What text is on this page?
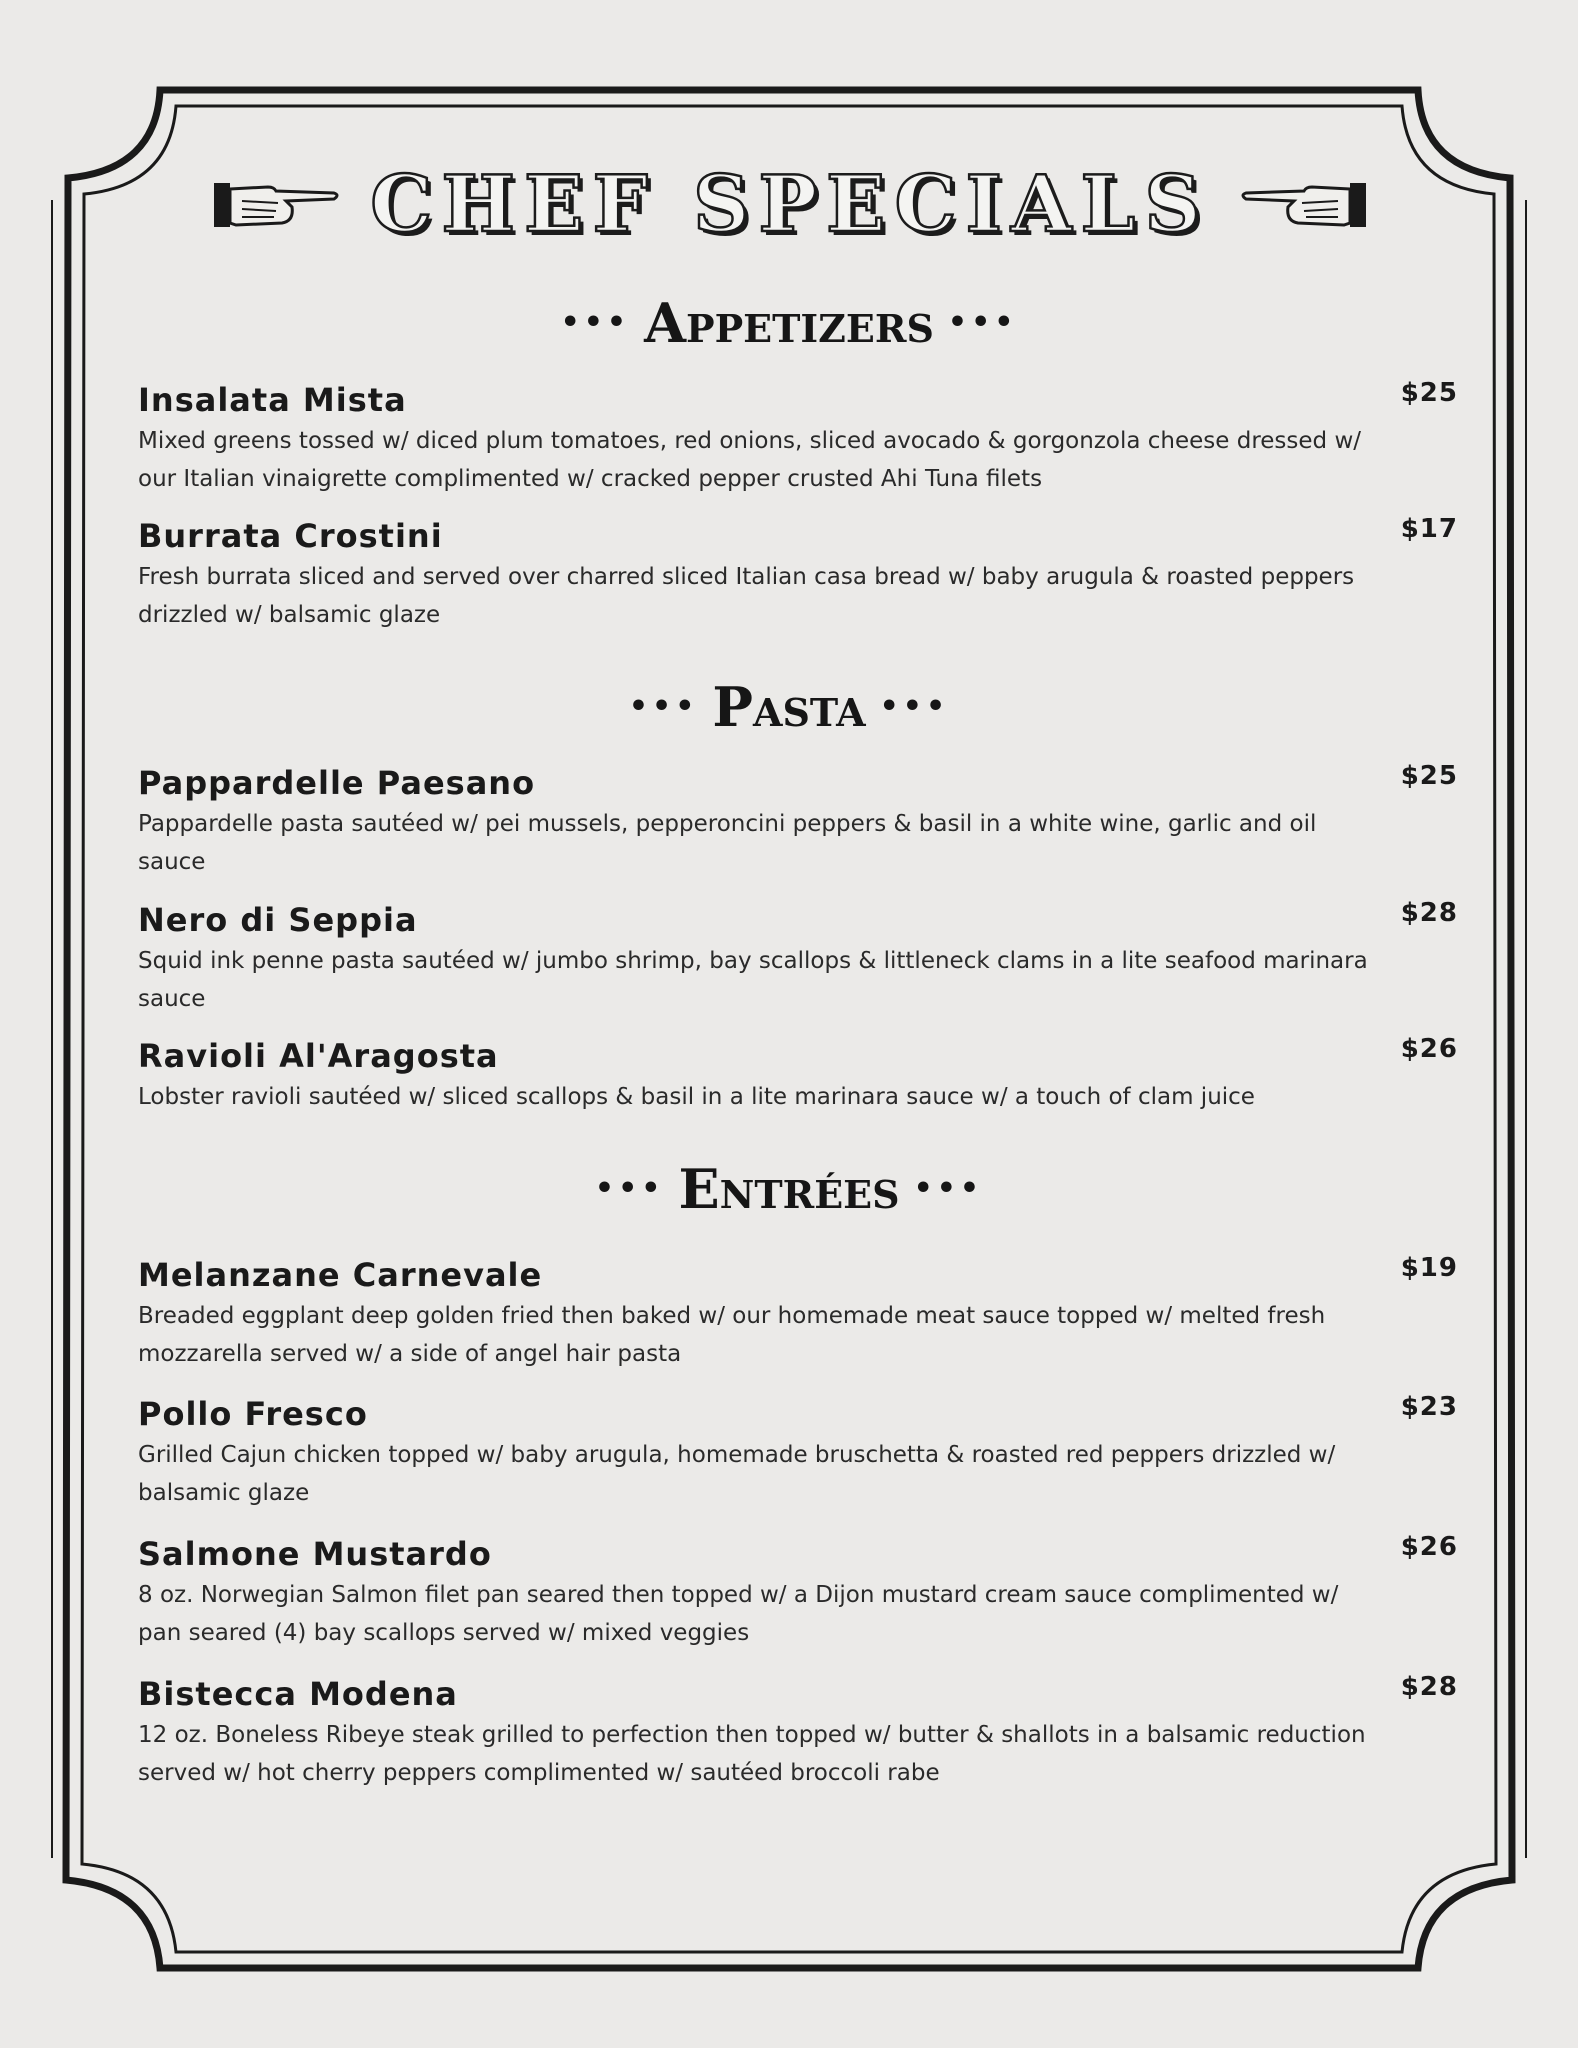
CHEF SPECIALS
••• Appetizers •••
Insalata Mista	$25
Mixed greens tossed w/ diced plum tomatoes, red onions, sliced avocado & gorgonzola cheese dressed w/ our Italian vinaigrette complimented w/ cracked pepper crusted Ahi Tuna filets
Burrata Crostini	$17
Fresh burrata sliced and served over charred sliced Italian casa bread w/ baby arugula & roasted peppers drizzled w/ balsamic glaze
••• Pasta •••
Pappardelle Paesano	$25
Pappardelle pasta sautéed w/ pei mussels, pepperoncini peppers & basil in a white wine, garlic and oil sauce
Nero di Seppia	$28
Squid ink penne pasta sautéed w/ jumbo shrimp, bay scallops & littleneck clams in a lite seafood marinara sauce
Ravioli Al'Aragosta	$26
Lobster ravioli sautéed w/ sliced scallops & basil in a lite marinara sauce w/ a touch of clam juice
••• Entrées •••
Melanzane Carnevale	$19
Breaded eggplant deep golden fried then baked w/ our homemade meat sauce topped w/ melted fresh mozzarella served w/ a side of angel hair pasta
Pollo Fresco	$23
Grilled Cajun chicken topped w/ baby arugula, homemade bruschetta & roasted red peppers drizzled w/ balsamic glaze
Salmone Mustardo	$26
8 oz. Norwegian Salmon filet pan seared then topped w/ a Dijon mustard cream sauce complimented w/ pan seared (4) bay scallops served w/ mixed veggies
Bistecca Modena	$28
12 oz. Boneless Ribeye steak grilled to perfection then topped w/ butter & shallots in a balsamic reduction served w/ hot cherry peppers complimented w/ sautéed broccoli rabe
